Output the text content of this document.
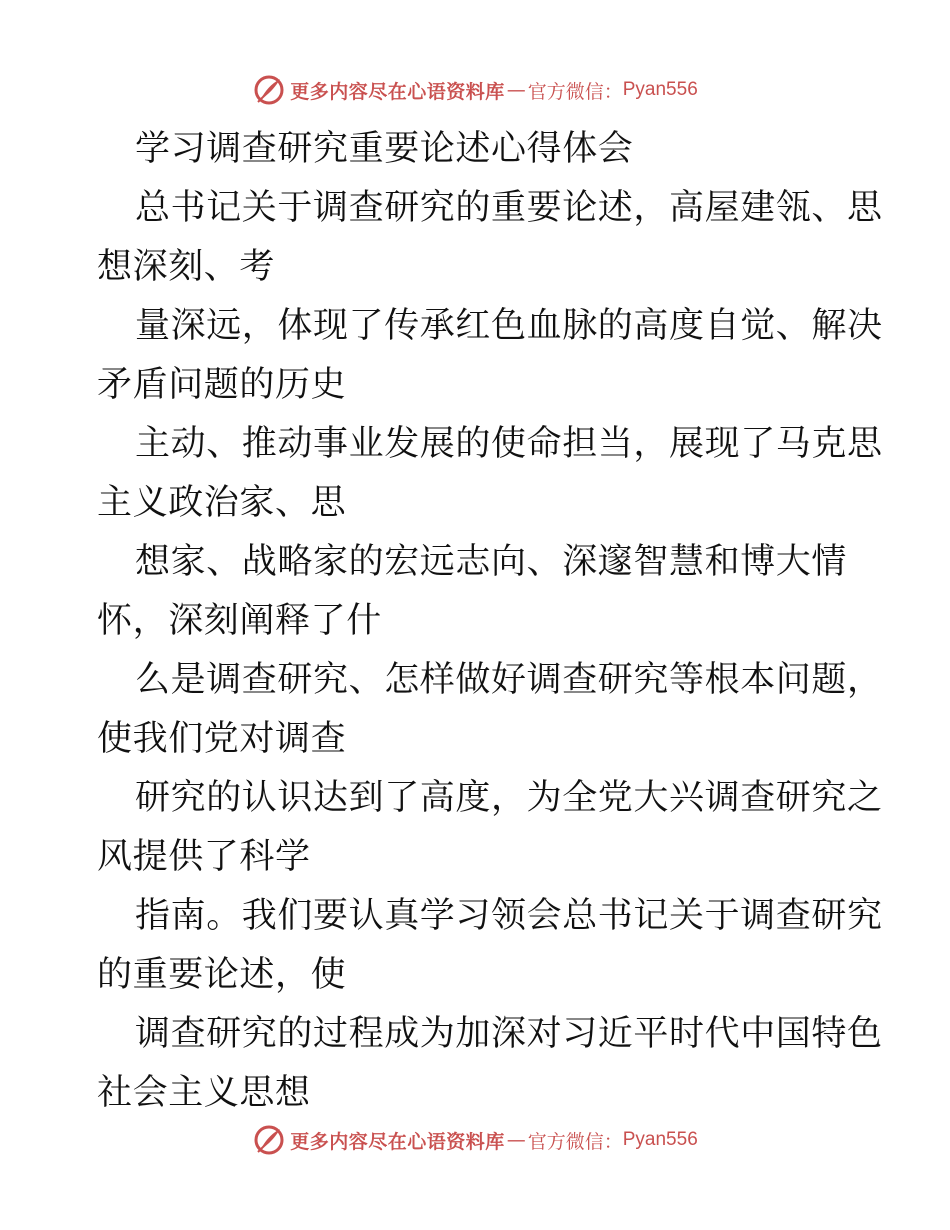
更多内容尽在心语资料库 — 官方微信： Pyan556
学习调查研究重要论述心得体会
总书记关于调查研究的重要论述，高屋建瓴、思
想深刻、考
量深远，体现了传承红色血脉的高度自觉、解决
矛盾问题的历史
主动、推动事业发展的使命担当，展现了马克思
主义政治家、思
想家、战略家的宏远志向、深邃智慧和博大情
怀，深刻阐释了什
么是调查研究、怎样做好调查研究等根本问题，
使我们党对调查
研究的认识达到了高度，为全党大兴调查研究之
风提供了科学
指南。我们要认真学习领会总书记关于调查研究
的重要论述，使
调查研究的过程成为加深对习近平时代中国特色
社会主义思想
更多内容尽在心语资料库 — 官方微信： Pyan556
